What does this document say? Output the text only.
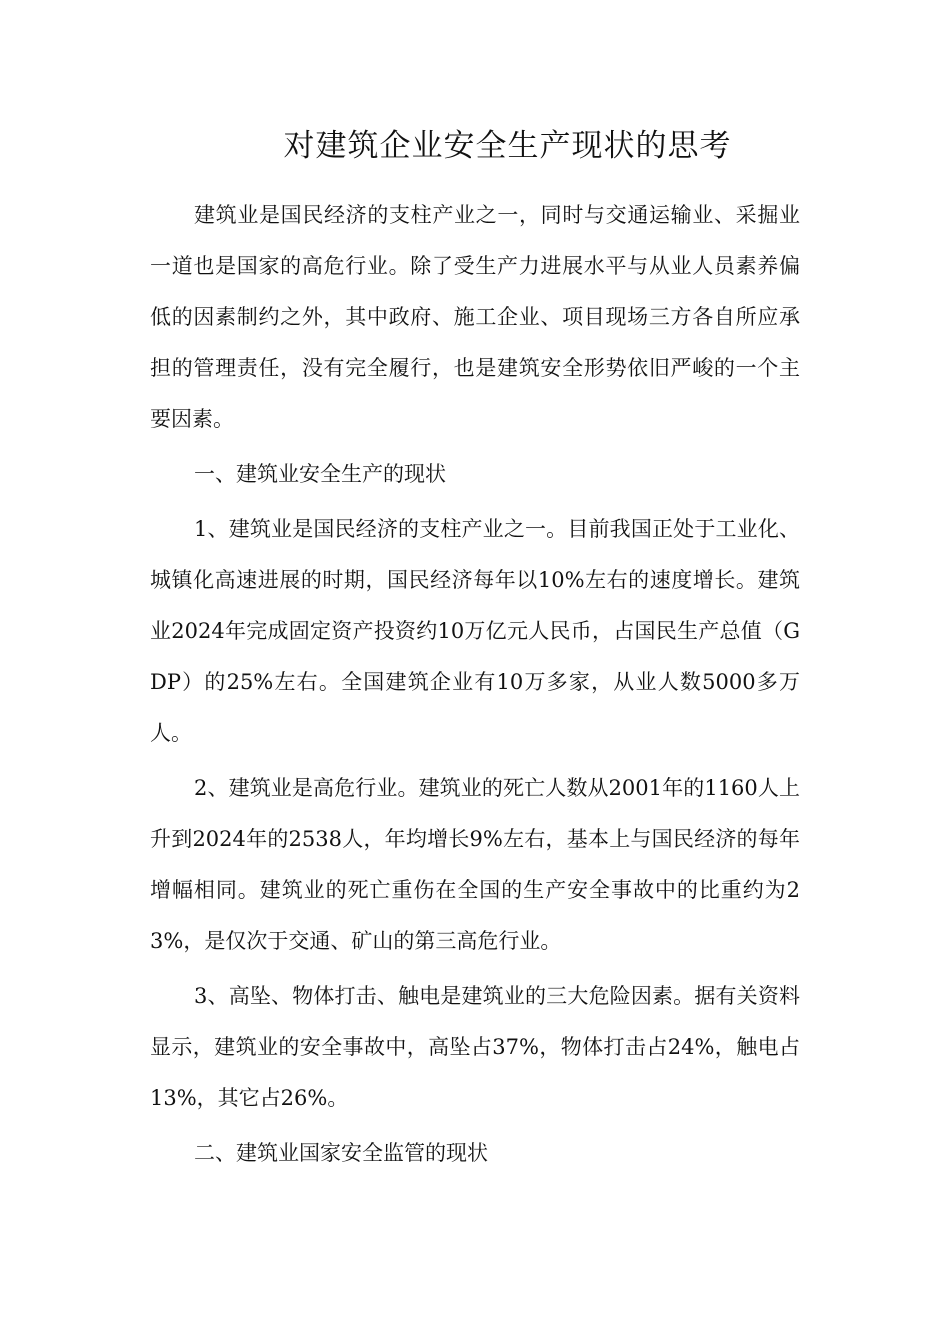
对建筑企业安全生产现状的思考

建筑业是国民经济的支柱产业之一，同时与交通运输业、采掘业一道也是国家的高危行业。除了受生产力进展水平与从业人员素养偏低的因素制约之外，其中政府、施工企业、项目现场三方各自所应承担的管理责任，没有完全履行，也是建筑安全形势依旧严峻的一个主要因素。

一、建筑业安全生产的现状

1、建筑业是国民经济的支柱产业之一。目前我国正处于工业化、城镇化高速进展的时期，国民经济每年以10%左右的速度增长。建筑业2024年完成固定资产投资约10万亿元人民币，占国民生产总值（GDP）的25%左右。全国建筑企业有10万多家，从业人数5000多万人。

2、建筑业是高危行业。建筑业的死亡人数从2001年的1160人上升到2024年的2538人，年均增长9%左右，基本上与国民经济的每年增幅相同。建筑业的死亡重伤在全国的生产安全事故中的比重约为23%，是仅次于交通、矿山的第三高危行业。

3、高坠、物体打击、触电是建筑业的三大危险因素。据有关资料显示，建筑业的安全事故中，高坠占37%，物体打击占24%，触电占13%，其它占26%。

二、建筑业国家安全监管的现状
